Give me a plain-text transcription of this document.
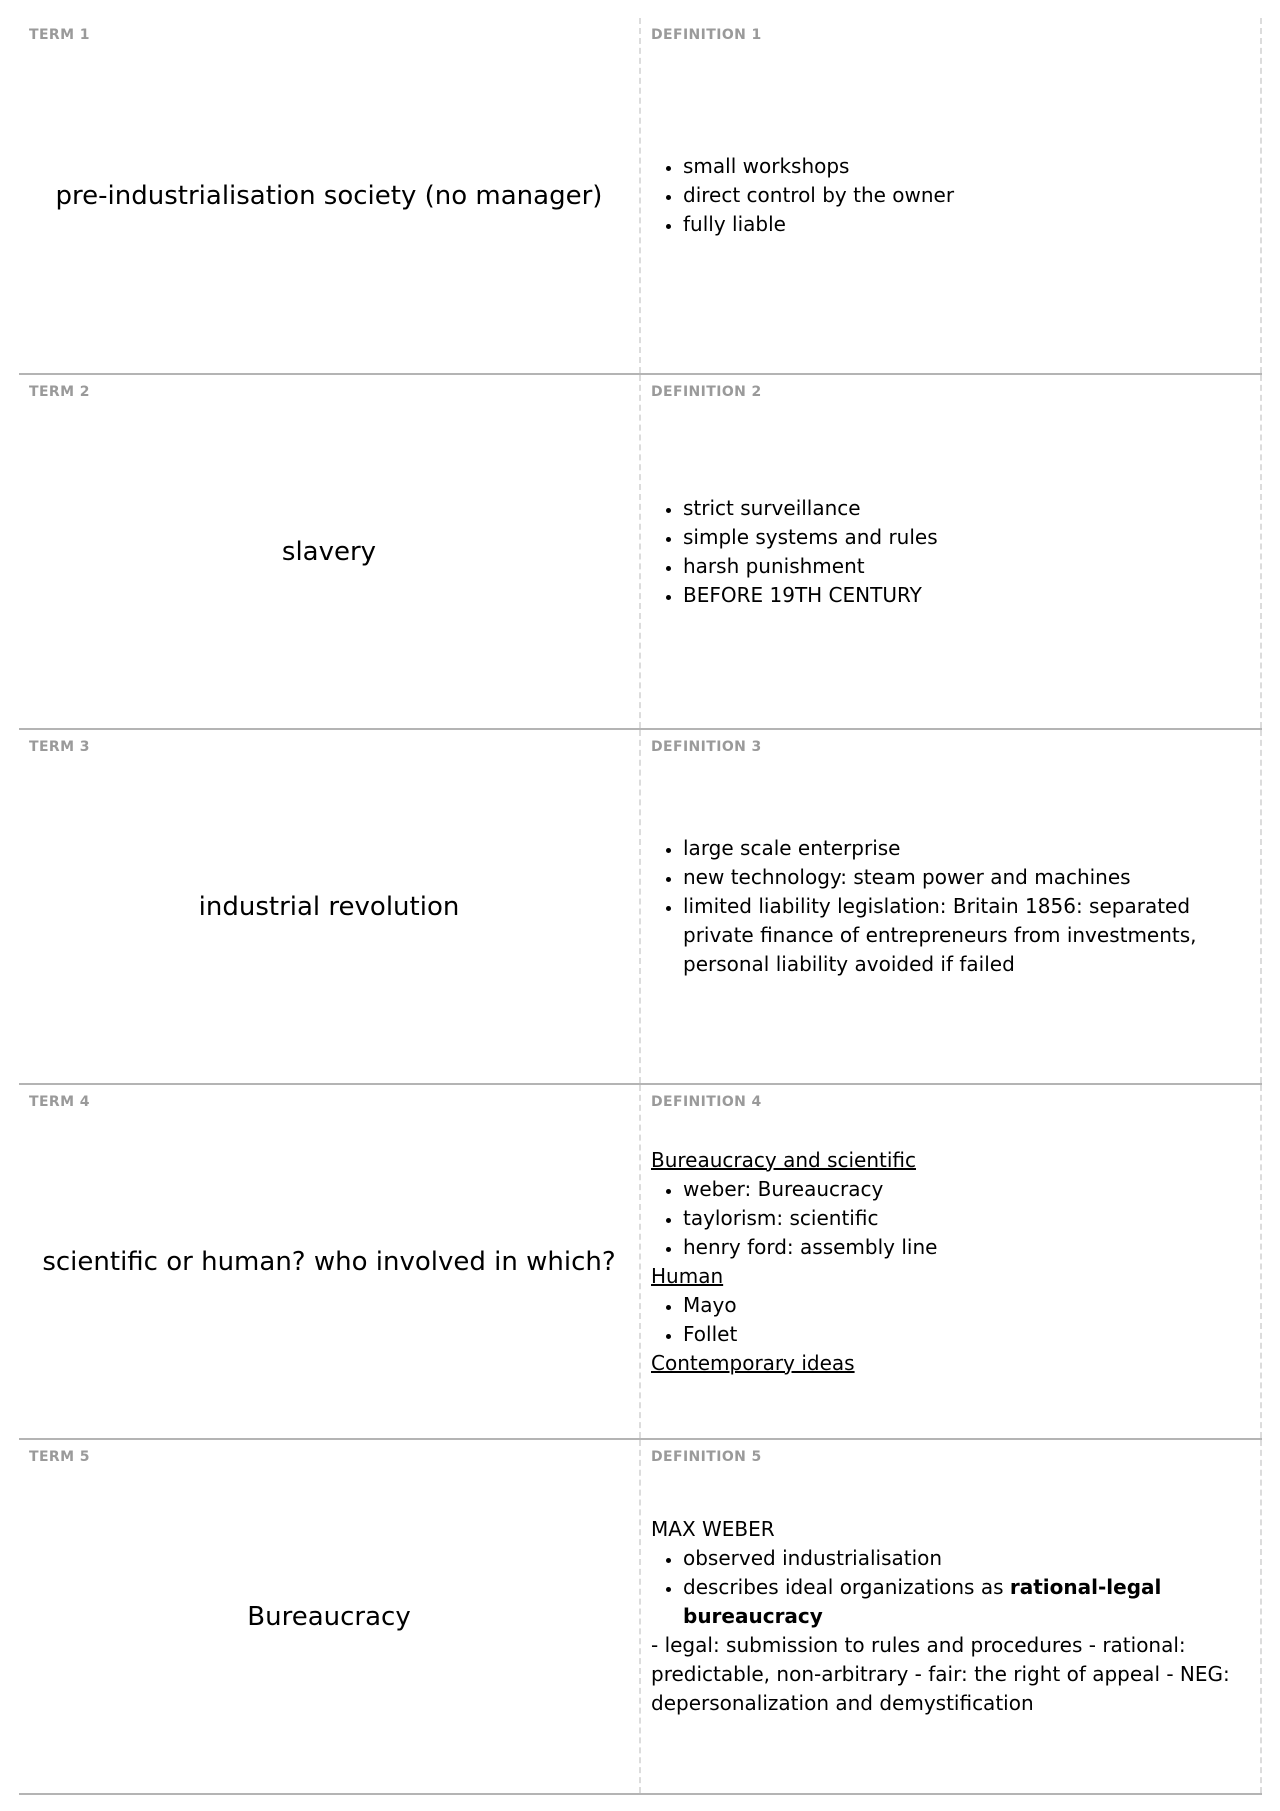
TERM 1
pre-industrialisation society (no manager)
DEFINITION 1
• small workshops
• direct control by the owner
• fully liable
TERM 2
slavery
DEFINITION 2
• strict surveillance
• simple systems and rules
• harsh punishment
• BEFORE 19TH CENTURY
TERM 3
industrial revolution
DEFINITION 3
• large scale enterprise
• new technology: steam power and machines
• limited liability legislation: Britain 1856: separated private finance of entrepreneurs from investments, personal liability avoided if failed
TERM 4
scientific or human? who involved in which?
DEFINITION 4
Bureaucracy and scientific
• weber: Bureaucracy
• taylorism: scientific
• henry ford: assembly line
Human
• Mayo
• Follet
Contemporary ideas
TERM 5
Bureaucracy
DEFINITION 5
MAX WEBER
• observed industrialisation
• describes ideal organizations as rational-legal bureaucracy
- legal: submission to rules and procedures - rational: predictable, non-arbitrary - fair: the right of appeal - NEG: depersonalization and demystification
